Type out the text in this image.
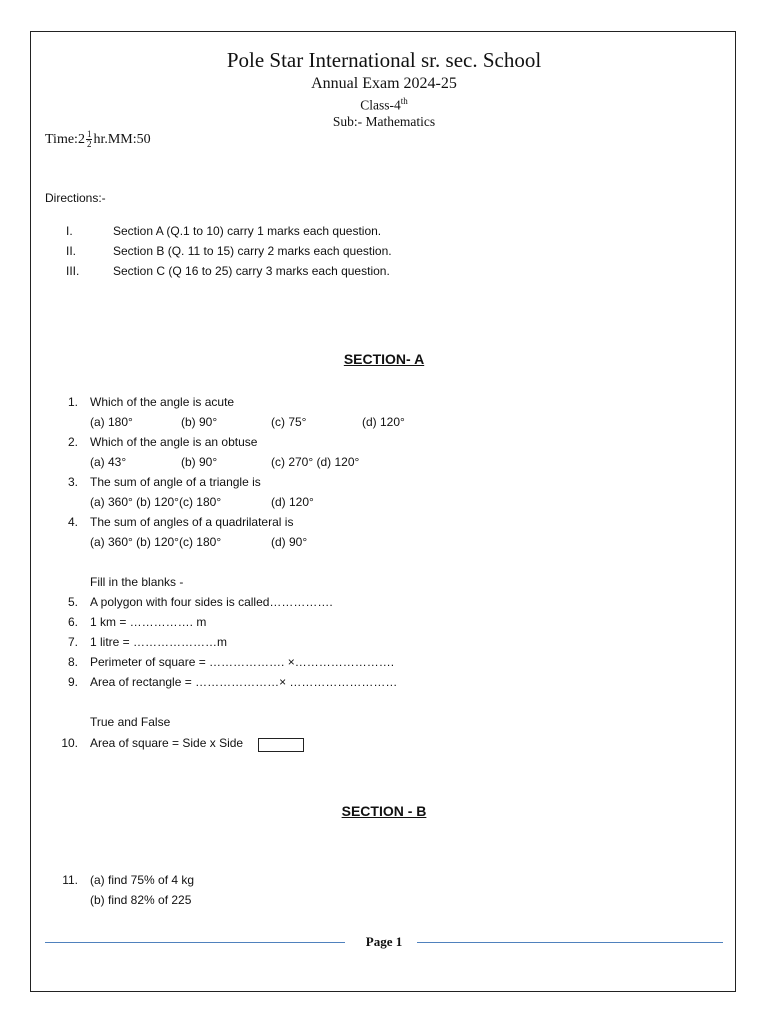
Pole Star International sr. sec. School
Annual Exam 2024-25
Class-4th
Sub:- Mathematics
Time:2 $\frac{1}{2}$ hr.MM:50
Directions:-
I.	Section A (Q.1 to 10) carry 1 marks each question.
II.	Section B (Q. 11 to 15) carry 2 marks each question.
III.	Section C (Q 16 to 25) carry 3 marks each question.
SECTION- A
1. Which of the angle is acute
(a) 180°	(b) 90°	(c) 75°	(d) 120°
2. Which of the angle is an obtuse
(a) 43°	(b) 90°	(c) 270° (d) 120°
3. The sum of angle of a triangle is
(a) 360° (b) 120°(c) 180°	(d) 120°
4. The sum of angles of a quadrilateral is
(a) 360° (b) 120°(c) 180°	(d) 90°
Fill in the blanks -
5. A polygon with four sides is called…………….
6. 1 km = ……………. m
7. 1 litre = …………………m
8. Perimeter of square = ………………. ×…………………….
9. Area of rectangle = …………………× ………………………
True and False
10. Area of square = Side x Side
SECTION - B
11. (a) find 75% of 4 kg
(b) find 82% of 225
Page 1
